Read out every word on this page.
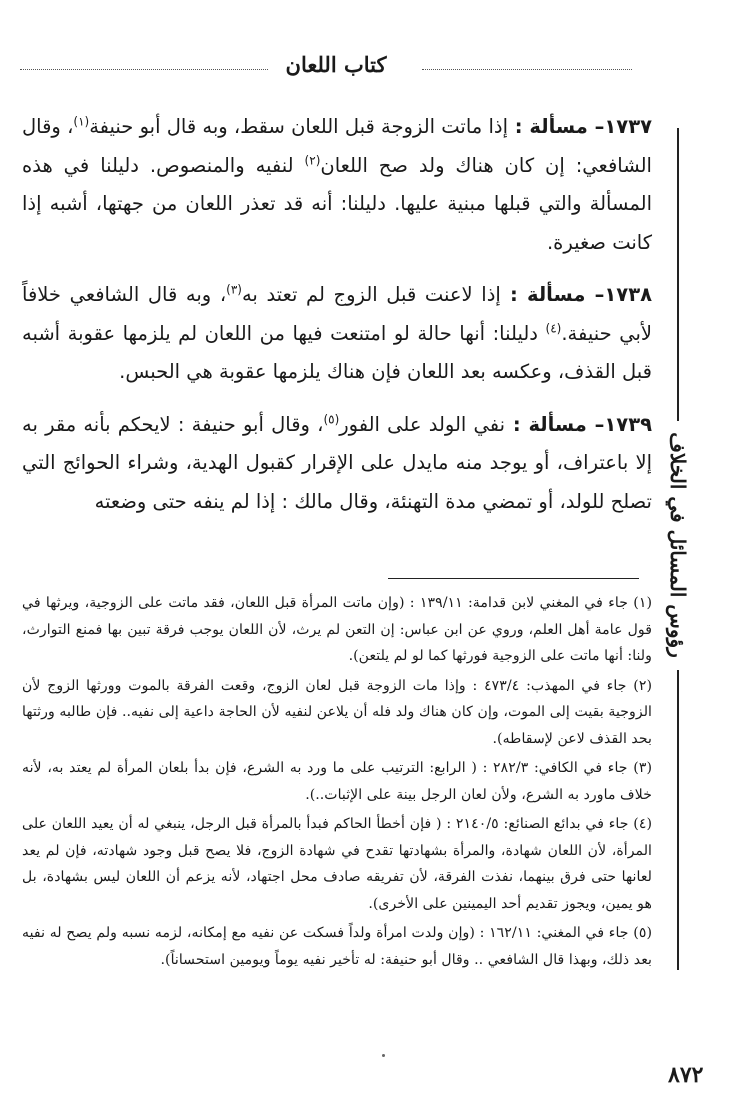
كتاب اللعان
رؤوس المسائل في الخلاف

١٧٣٧– مسألة : إذا ماتت الزوجة قبل اللعان سقط، وبه قال أبو حنيفة$^{(١)}$، وقال الشافعي: إن كان هناك ولد صح اللعان$^{(٢)}$ لنفيه والمنصوص. دليلنا في هذه المسألة والتي قبلها مبنية عليها. دليلنا: أنه قد تعذر اللعان من جهتها، أشبه إذا كانت صغيرة.

١٧٣٨– مسألة : إذا لاعنت قبل الزوج لم تعتد به$^{(٣)}$، وبه قال الشافعي خلافاً لأبي حنيفة.$^{(٤)}$ دليلنا: أنها حالة لو امتنعت فيها من اللعان لم يلزمها عقوبة أشبه قبل القذف، وعكسه بعد اللعان فإن هناك يلزمها عقوبة هي الحبس.

١٧٣٩– مسألة : نفي الولد على الفور$^{(٥)}$، وقال أبو حنيفة : لايحكم بأنه مقر به إلا باعتراف، أو يوجد منه مايدل على الإقرار كقبول الهدية، وشراء الحوائج التي تصلح للولد، أو تمضي مدة التهنئة، وقال مالك : إذا لم ينفه حتى وضعته

(١) جاء في المغني لابن قدامة: ١٣٩/١١ : (وإن ماتت المرأة قبل اللعان، فقد ماتت على الزوجية، ويرثها في قول عامة أهل العلم، وروي عن ابن عباس: إن التعن لم يرث، لأن اللعان يوجب فرقة تبين بها فمنع التوارث، ولنا: أنها ماتت على الزوجية فورثها كما لو لم يلتعن).

(٢) جاء في المهذب: ٤٧٣/٤ : وإذا مات الزوجة قبل لعان الزوج، وقعت الفرقة بالموت وورثها الزوج لأن الزوجية بقيت إلى الموت، وإن كان هناك ولد فله أن يلاعن لنفيه لأن الحاجة داعية إلى نفيه.. فإن طالبه ورثتها بحد القذف لاعن لإسقاطه).

(٣) جاء في الكافي: ٢٨٢/٣ : ( الرابع: الترتيب على ما ورد به الشرع، فإن بدأ بلعان المرأة لم يعتد به، لأنه خلاف ماورد به الشرع، ولأن لعان الرجل بينة على الإثبات..).

(٤) جاء في بدائع الصنائع: ٢١٤٠/٥ : ( فإن أخطأ الحاكم فبدأ بالمرأة قبل الرجل، ينبغي له أن يعيد اللعان على المرأة، لأن اللعان شهادة، والمرأة بشهادتها تقدح في شهادة الزوج، فلا يصح قبل وجود شهادته، فإن لم يعد لعانها حتى فرق بينهما، نفذت الفرقة، لأن تفريقه صادف محل اجتهاد، لأنه يزعم أن اللعان ليس بشهادة، بل هو يمين، ويجوز تقديم أحد اليمينين على الأخرى).

(٥) جاء في المغني: ١٦٢/١١ : (وإن ولدت امرأة ولداً فسكت عن نفيه مع إمكانه، لزمه نسبه ولم يصح له نفيه بعد ذلك، وبهذا قال الشافعي .. وقال أبو حنيفة: له تأخير نفيه يوماً ويومين استحساناً).

٨٧٢
